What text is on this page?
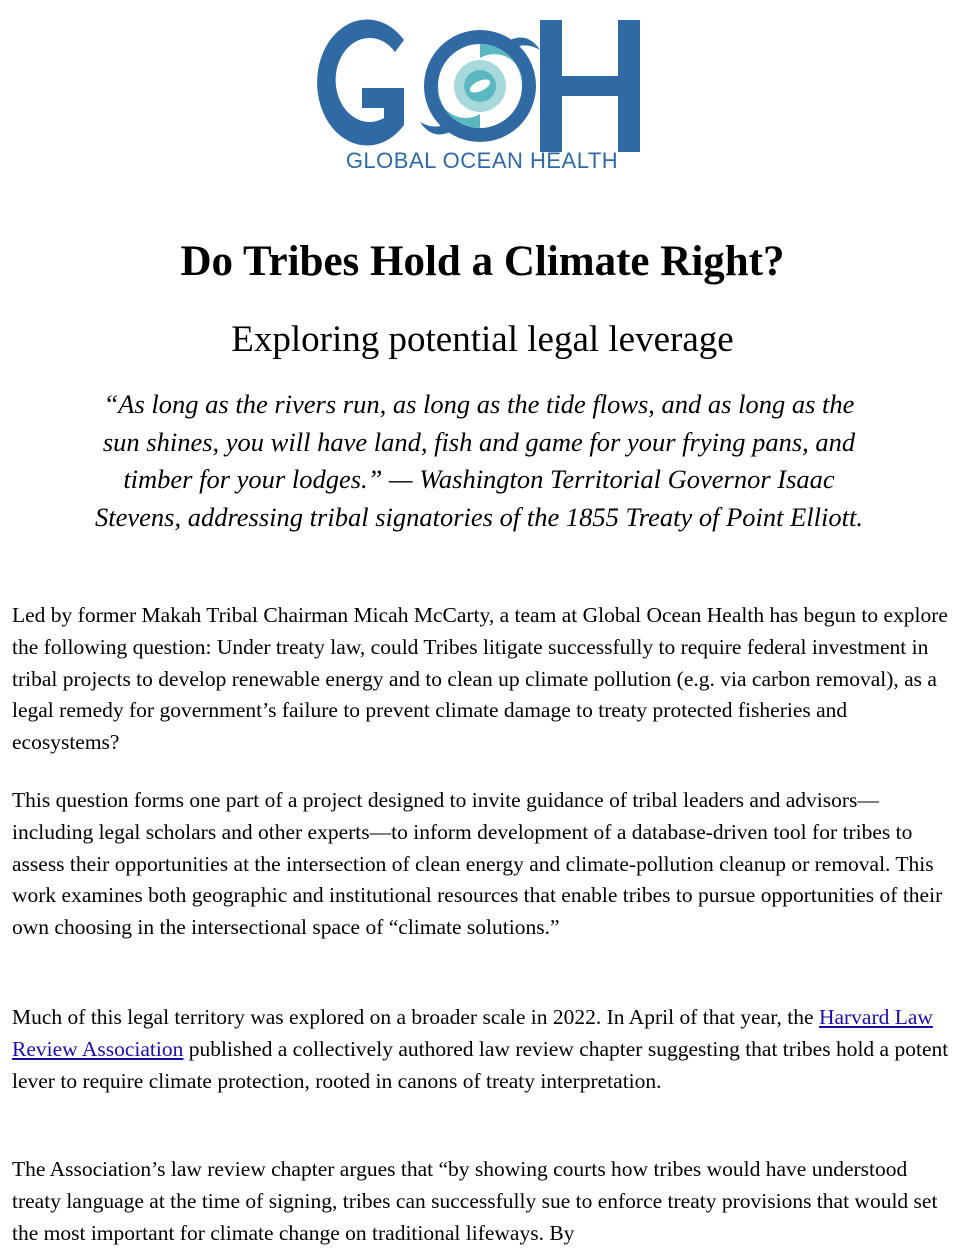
GLOBAL OCEAN HEALTH
Do Tribes Hold a Climate Right?
Exploring potential legal leverage

“As long as the rivers run, as long as the tide flows, and as long as the sun shines, you will have land, fish and game for your frying pans, and timber for your lodges.” — Washington Territorial Governor Isaac Stevens, addressing tribal signatories of the 1855 Treaty of Point Elliott.

Led by former Makah Tribal Chairman Micah McCarty, a team at Global Ocean Health has begun to explore the following question: Under treaty law, could Tribes litigate successfully to require federal investment in tribal projects to develop renewable energy and to clean up climate pollution (e.g. via carbon removal), as a legal remedy for government’s failure to prevent climate damage to treaty protected fisheries and ecosystems?

This question forms one part of a project designed to invite guidance of tribal leaders and advisors—including legal scholars and other experts—to inform development of a database-driven tool for tribes to assess their opportunities at the intersection of clean energy and climate-pollution cleanup or removal. This work examines both geographic and institutional resources that enable tribes to pursue opportunities of their own choosing in the intersectional space of “climate solutions.”

Much of this legal territory was explored on a broader scale in 2022. In April of that year, the Harvard Law Review Association published a collectively authored law review chapter suggesting that tribes hold a potent lever to require climate protection, rooted in canons of treaty interpretation.

The Association’s law review chapter argues that “by showing courts how tribes would have understood treaty language at the time of signing, tribes can successfully sue to enforce treaty provisions that would set the most important for climate change on traditional lifeways. By
